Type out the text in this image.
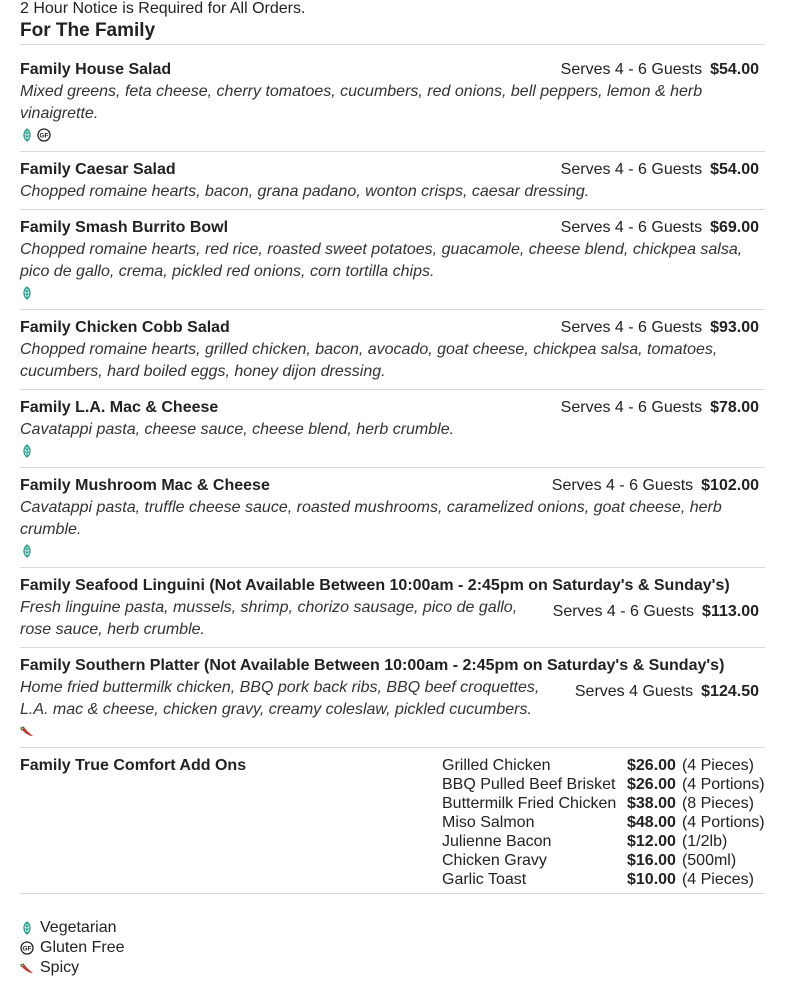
2 Hour Notice is Required for All Orders.
For The Family
Family House Salad	Serves 4 - 6 Guests $54.00
Mixed greens, feta cheese, cherry tomatoes, cucumbers, red onions, bell peppers, lemon & herb vinaigrette.
GF
Family Caesar Salad	Serves 4 - 6 Guests $54.00
Chopped romaine hearts, bacon, grana padano, wonton crisps, caesar dressing.
Family Smash Burrito Bowl	Serves 4 - 6 Guests $69.00
Chopped romaine hearts, red rice, roasted sweet potatoes, guacamole, cheese blend, chickpea salsa, pico de gallo, crema, pickled red onions, corn tortilla chips.
Family Chicken Cobb Salad	Serves 4 - 6 Guests $93.00
Chopped romaine hearts, grilled chicken, bacon, avocado, goat cheese, chickpea salsa, tomatoes, cucumbers, hard boiled eggs, honey dijon dressing.
Family L.A. Mac & Cheese	Serves 4 - 6 Guests $78.00
Cavatappi pasta, cheese sauce, cheese blend, herb crumble.
Family Mushroom Mac & Cheese	Serves 4 - 6 Guests $102.00
Cavatappi pasta, truffle cheese sauce, roasted mushrooms, caramelized onions, goat cheese, herb crumble.
Family Seafood Linguini (Not Available Between 10:00am - 2:45pm on Saturday's & Sunday's)
Serves 4 - 6 Guests $113.00
Fresh linguine pasta, mussels, shrimp, chorizo sausage, pico de gallo, rose sauce, herb crumble.
Family Southern Platter (Not Available Between 10:00am - 2:45pm on Saturday's & Sunday's)
Serves 4 Guests $124.50
Home fried buttermilk chicken, BBQ pork back ribs, BBQ beef croquettes, L.A. mac & cheese, chicken gravy, creamy coleslaw, pickled cucumbers.
Family True Comfort Add Ons	Grilled Chicken	$26.00	(4 Pieces)
BBQ Pulled Beef Brisket	$26.00	(4 Portions)
Buttermilk Fried Chicken	$38.00	(8 Pieces)
Miso Salmon	$48.00	(4 Portions)
Julienne Bacon	$12.00	(1/2lb)
Chicken Gravy	$16.00	(500ml)
Garlic Toast	$10.00	(4 Pieces)
Vegetarian
GF Gluten Free
Spicy
